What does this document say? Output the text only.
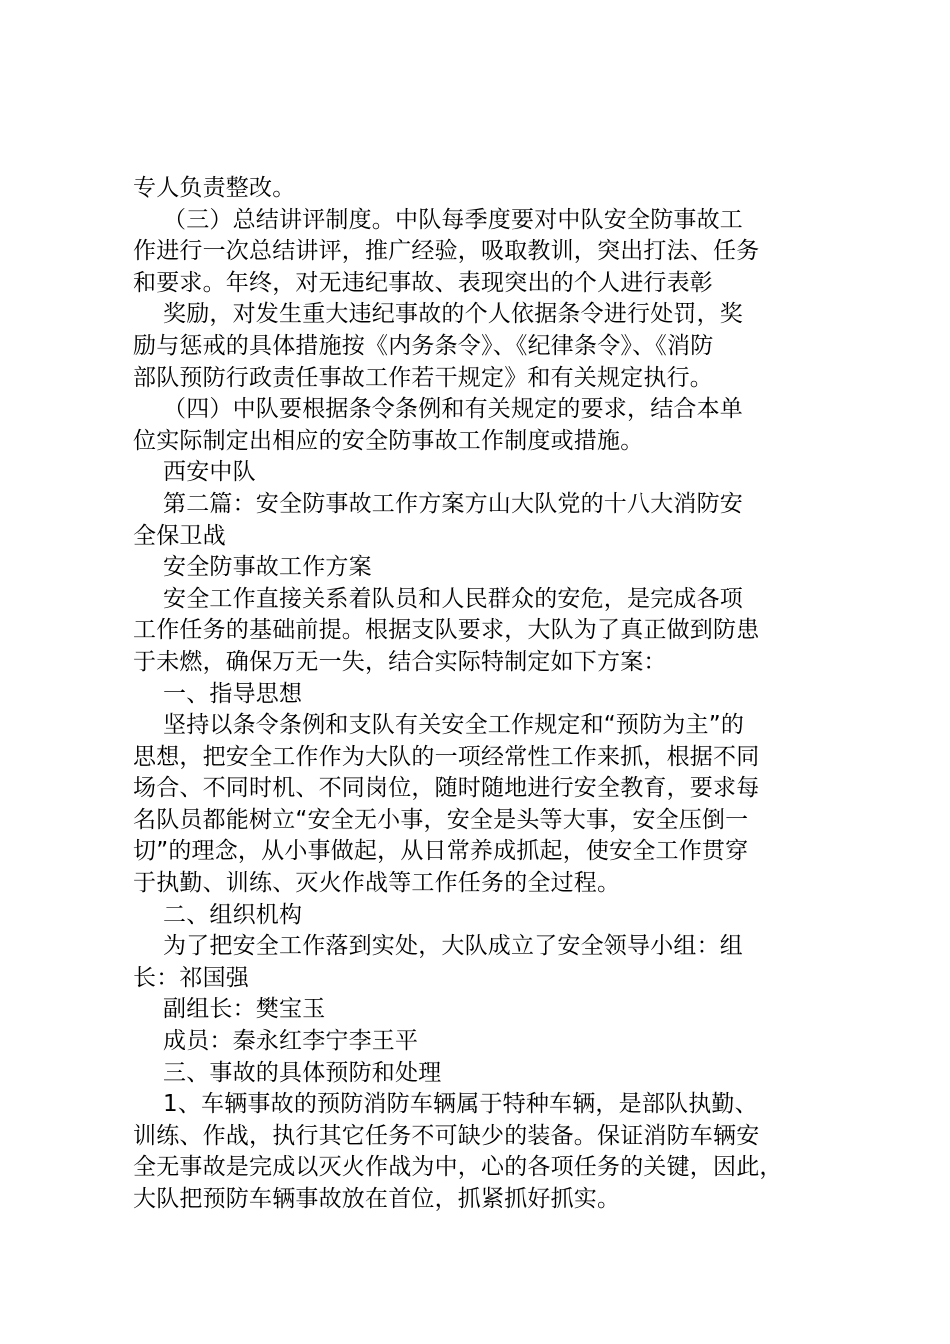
专人负责整改。
（三）总结讲评制度。中队每季度要对中队安全防事故工
作进行一次总结讲评，推广经验，吸取教训，突出打法、任务
和要求。年终，对无违纪事故、表现突出的个人进行表彰
奖励，对发生重大违纪事故的个人依据条令进行处罚，奖
励与惩戒的具体措施按《内务条令》、《纪律条令》、《消防
部队预防行政责任事故工作若干规定》和有关规定执行。
（四）中队要根据条令条例和有关规定的要求，结合本单
位实际制定出相应的安全防事故工作制度或措施。
西安中队
第二篇：安全防事故工作方案方山大队党的十八大消防安
全保卫战
安全防事故工作方案
安全工作直接关系着队员和人民群众的安危，是完成各项
工作任务的基础前提。根据支队要求，大队为了真正做到防患
于未燃，确保万无一失，结合实际特制定如下方案：
一、指导思想
坚持以条令条例和支队有关安全工作规定和“预防为主”的
思想，把安全工作作为大队的一项经常性工作来抓，根据不同
场合、不同时机、不同岗位，随时随地进行安全教育，要求每
名队员都能树立“安全无小事，安全是头等大事，安全压倒一
切”的理念，从小事做起，从日常养成抓起，使安全工作贯穿
于执勤、训练、灭火作战等工作任务的全过程。
二、组织机构
为了把安全工作落到实处，大队成立了安全领导小组：组
长：祁国强
副组长：樊宝玉
成员：秦永红李宁李王平
三、事故的具体预防和处理
1、车辆事故的预防消防车辆属于特种车辆，是部队执勤、
训练、作战，执行其它任务不可缺少的装备。保证消防车辆安
全无事故是完成以灭火作战为中，心的各项任务的关键，因此，
大队把预防车辆事故放在首位，抓紧抓好抓实。
